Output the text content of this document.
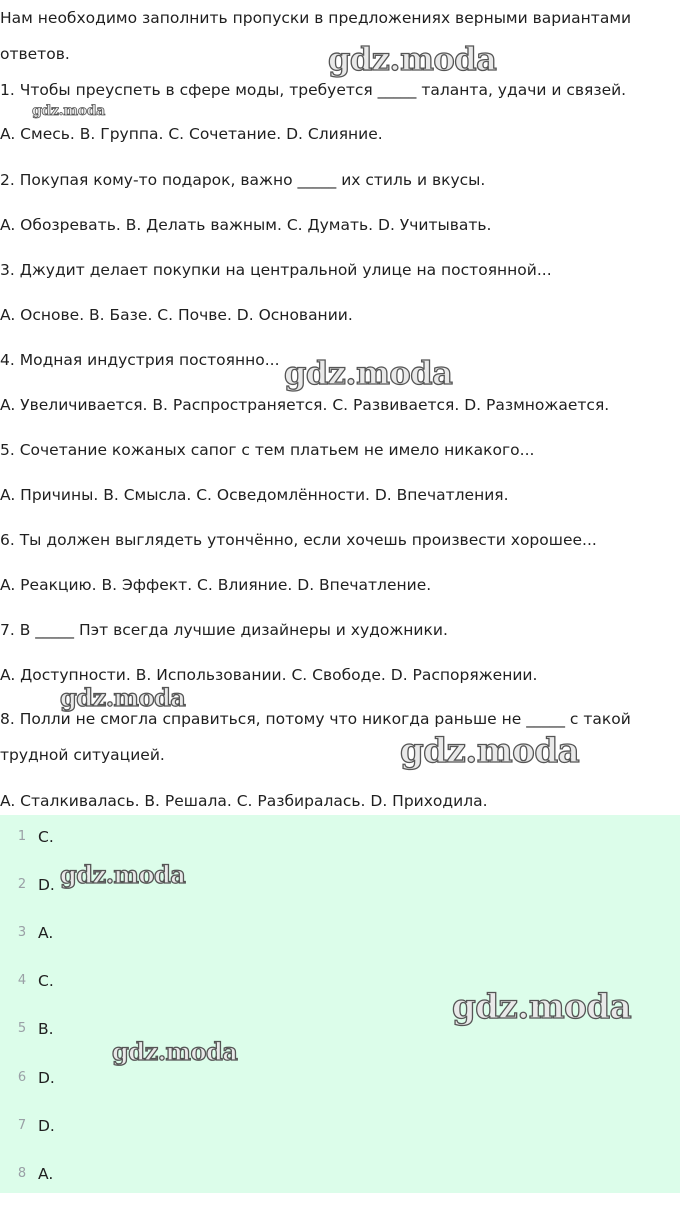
Нам необходимо заполнить пропуски в предложениях верными вариантами ответов.

1. Чтобы преуспеть в сфере моды, требуется _____ таланта, удачи и связей.

A. Смесь. B. Группа. C. Сочетание. D. Слияние.

2. Покупая кому-то подарок, важно _____ их стиль и вкусы.

A. Обозревать. B. Делать важным. C. Думать. D. Учитывать.

3. Джудит делает покупки на центральной улице на постоянной...

A. Основе. B. Базе. C. Почве. D. Основании.

4. Модная индустрия постоянно...

A. Увеличивается. B. Распространяется. C. Развивается. D. Размножается.

5. Сочетание кожаных сапог с тем платьем не имело никакого...

A. Причины. B. Смысла. C. Осведомлённости. D. Впечатления.

6. Ты должен выглядеть утончённо, если хочешь произвести хорошее...

A. Реакцию. B. Эффект. C. Влияние. D. Впечатление.

7. В _____ Пэт всегда лучшие дизайнеры и художники.

A. Доступности. B. Использовании. C. Свободе. D. Распоряжении.

8. Полли не смогла справиться, потому что никогда раньше не _____ с такой трудной ситуацией.

A. Сталкивалась. B. Решала. C. Разбиралась. D. Приходила.

1 C.
2 D.
3 A.
4 C.
5 B.
6 D.
7 D.
8 A.
gdz.moda
gdz.moda
gdz.moda
gdz.moda
gdz.moda
gdz.moda
gdz.moda
gdz.moda
